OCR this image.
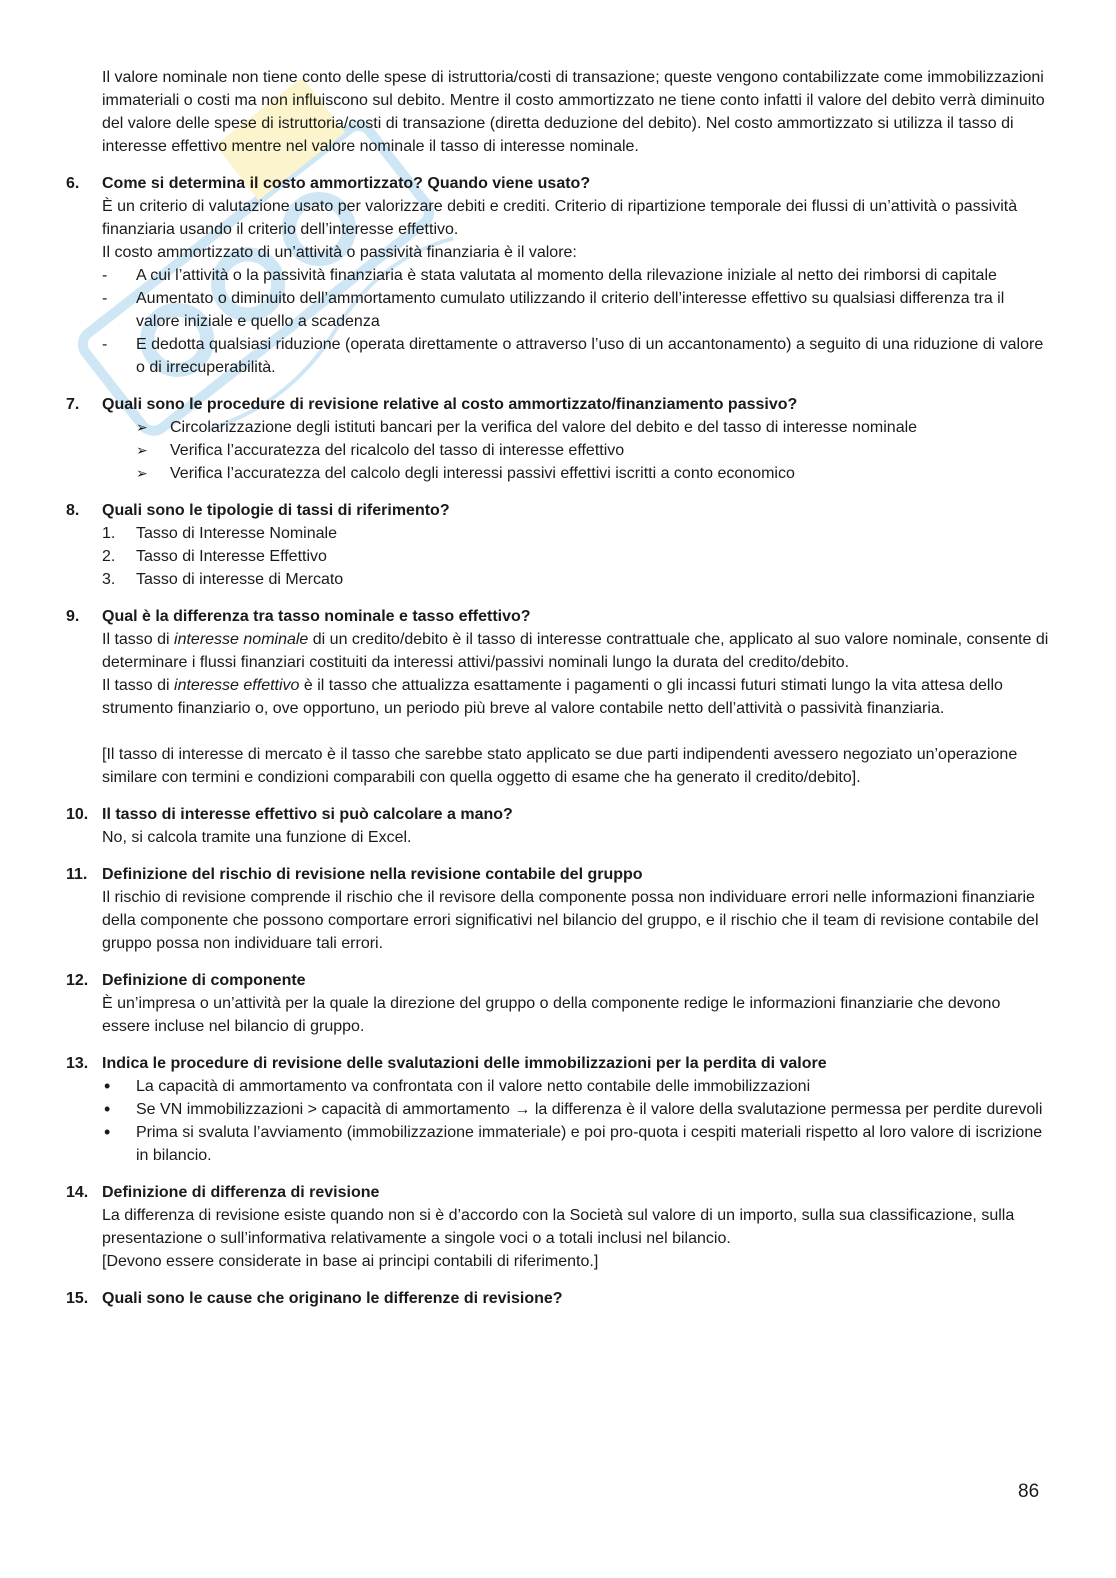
Il valore nominale non tiene conto delle spese di istruttoria/costi di transazione; queste vengono contabilizzate come immobilizzazioni immateriali o costi ma non influiscono sul debito. Mentre il costo ammortizzato ne tiene conto infatti il valore del debito verrà diminuito del valore delle spese di istruttoria/costi di transazione (diretta deduzione del debito). Nel costo ammortizzato si utilizza il tasso di interesse effettivo mentre nel valore nominale il tasso di interesse nominale.

6. Come si determina il costo ammortizzato? Quando viene usato?
È un criterio di valutazione usato per valorizzare debiti e crediti. Criterio di ripartizione temporale dei flussi di un’attività o passività finanziaria usando il criterio dell’interesse effettivo.
Il costo ammortizzato di un’attività o passività finanziaria è il valore:
- A cui l’attività o la passività finanziaria è stata valutata al momento della rilevazione iniziale al netto dei rimborsi di capitale
- Aumentato o diminuito dell’ammortamento cumulato utilizzando il criterio dell’interesse effettivo su qualsiasi differenza tra il valore iniziale e quello a scadenza
- E dedotta qualsiasi riduzione (operata direttamente o attraverso l’uso di un accantonamento) a seguito di una riduzione di valore o di irrecuperabilità.
7. Quali sono le procedure di revisione relative al costo ammortizzato/finanziamento passivo?
➢ Circolarizzazione degli istituti bancari per la verifica del valore del debito e del tasso di interesse nominale
➢ Verifica l’accuratezza del ricalcolo del tasso di interesse effettivo
➢ Verifica l’accuratezza del calcolo degli interessi passivi effettivi iscritti a conto economico
8. Quali sono le tipologie di tassi di riferimento?
1. Tasso di Interesse Nominale
2. Tasso di Interesse Effettivo
3. Tasso di interesse di Mercato
9. Qual è la differenza tra tasso nominale e tasso effettivo?
Il tasso di interesse nominale di un credito/debito è il tasso di interesse contrattuale che, applicato al suo valore nominale, consente di determinare i flussi finanziari costituiti da interessi attivi/passivi nominali lungo la durata del credito/debito.
Il tasso di interesse effettivo è il tasso che attualizza esattamente i pagamenti o gli incassi futuri stimati lungo la vita attesa dello strumento finanziario o, ove opportuno, un periodo più breve al valore contabile netto dell’attività o passività finanziaria.
[Il tasso di interesse di mercato è il tasso che sarebbe stato applicato se due parti indipendenti avessero negoziato un’operazione similare con termini e condizioni comparabili con quella oggetto di esame che ha generato il credito/debito].
10. Il tasso di interesse effettivo si può calcolare a mano?
No, si calcola tramite una funzione di Excel.
11. Definizione del rischio di revisione nella revisione contabile del gruppo
Il rischio di revisione comprende il rischio che il revisore della componente possa non individuare errori nelle informazioni finanziarie della componente che possono comportare errori significativi nel bilancio del gruppo, e il rischio che il team di revisione contabile del gruppo possa non individuare tali errori.
12. Definizione di componente
È un’impresa o un’attività per la quale la direzione del gruppo o della componente redige le informazioni finanziarie che devono essere incluse nel bilancio di gruppo.
13. Indica le procedure di revisione delle svalutazioni delle immobilizzazioni per la perdita di valore
• La capacità di ammortamento va confrontata con il valore netto contabile delle immobilizzazioni
• Se VN immobilizzazioni > capacità di ammortamento → la differenza è il valore della svalutazione permessa per perdite durevoli
• Prima si svaluta l’avviamento (immobilizzazione immateriale) e poi pro-quota i cespiti materiali rispetto al loro valore di iscrizione in bilancio.
14. Definizione di differenza di revisione
La differenza di revisione esiste quando non si è d’accordo con la Società sul valore di un importo, sulla sua classificazione, sulla presentazione o sull’informativa relativamente a singole voci o a totali inclusi nel bilancio.
[Devono essere considerate in base ai principi contabili di riferimento.]
15. Quali sono le cause che originano le differenze di revisione?
86
